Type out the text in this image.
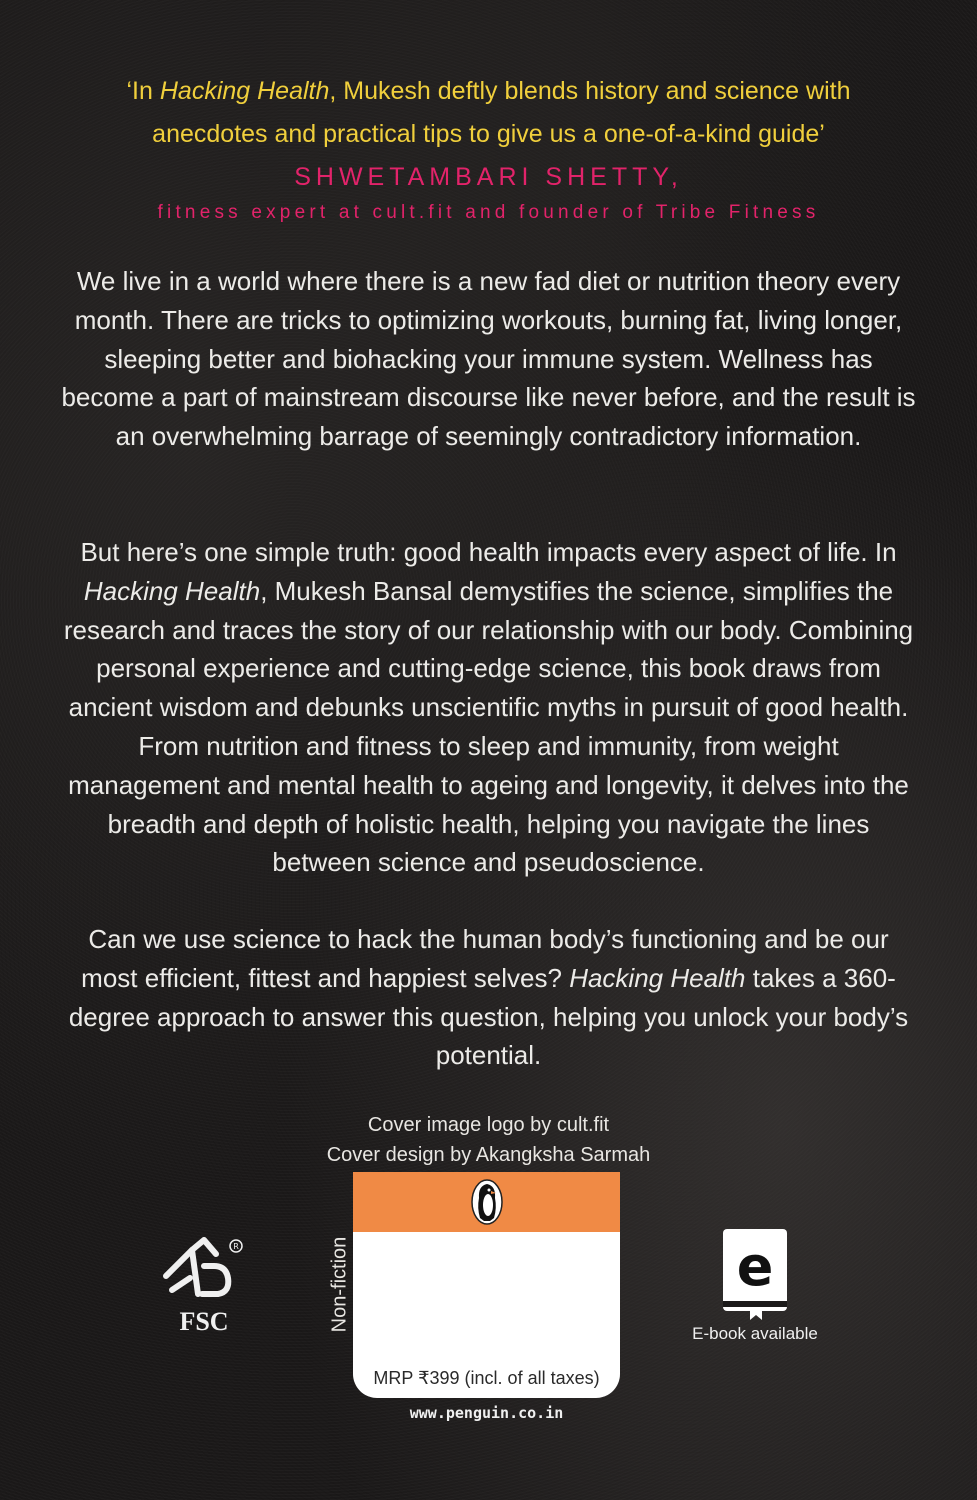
‘In Hacking Health, Mukesh deftly blends history and science with

anecdotes and practical tips to give us a one-of-a-kind guide’

SHWETAMBARI SHETTY,
fitness expert at cult.fit and founder of Tribe Fitness

We live in a world where there is a new fad diet or nutrition theory every month. There are tricks to optimizing workouts, burning fat, living longer, sleeping better and biohacking your immune system. Wellness has become a part of mainstream discourse like never before, and the result is an overwhelming barrage of seemingly contradictory information.

But here’s one simple truth: good health impacts every aspect of life. In Hacking Health, Mukesh Bansal demystifies the science, simplifies the research and traces the story of our relationship with our body. Combining personal experience and cutting-edge science, this book draws from ancient wisdom and debunks unscientific myths in pursuit of good health. From nutrition and fitness to sleep and immunity, from weight management and mental health to ageing and longevity, it delves into the breadth and depth of holistic health, helping you navigate the lines between science and pseudoscience.

Can we use science to hack the human body’s functioning and be our most efficient, fittest and happiest selves? Hacking Health takes a 360-degree approach to answer this question, helping you unlock your body’s potential.

Cover image logo by cult.fit

Cover design by Akangksha Sarmah

R
FSC	Non-fiction
MRP ₹399 (incl. of all taxes)
www.penguin.co.in
e
E-book available
